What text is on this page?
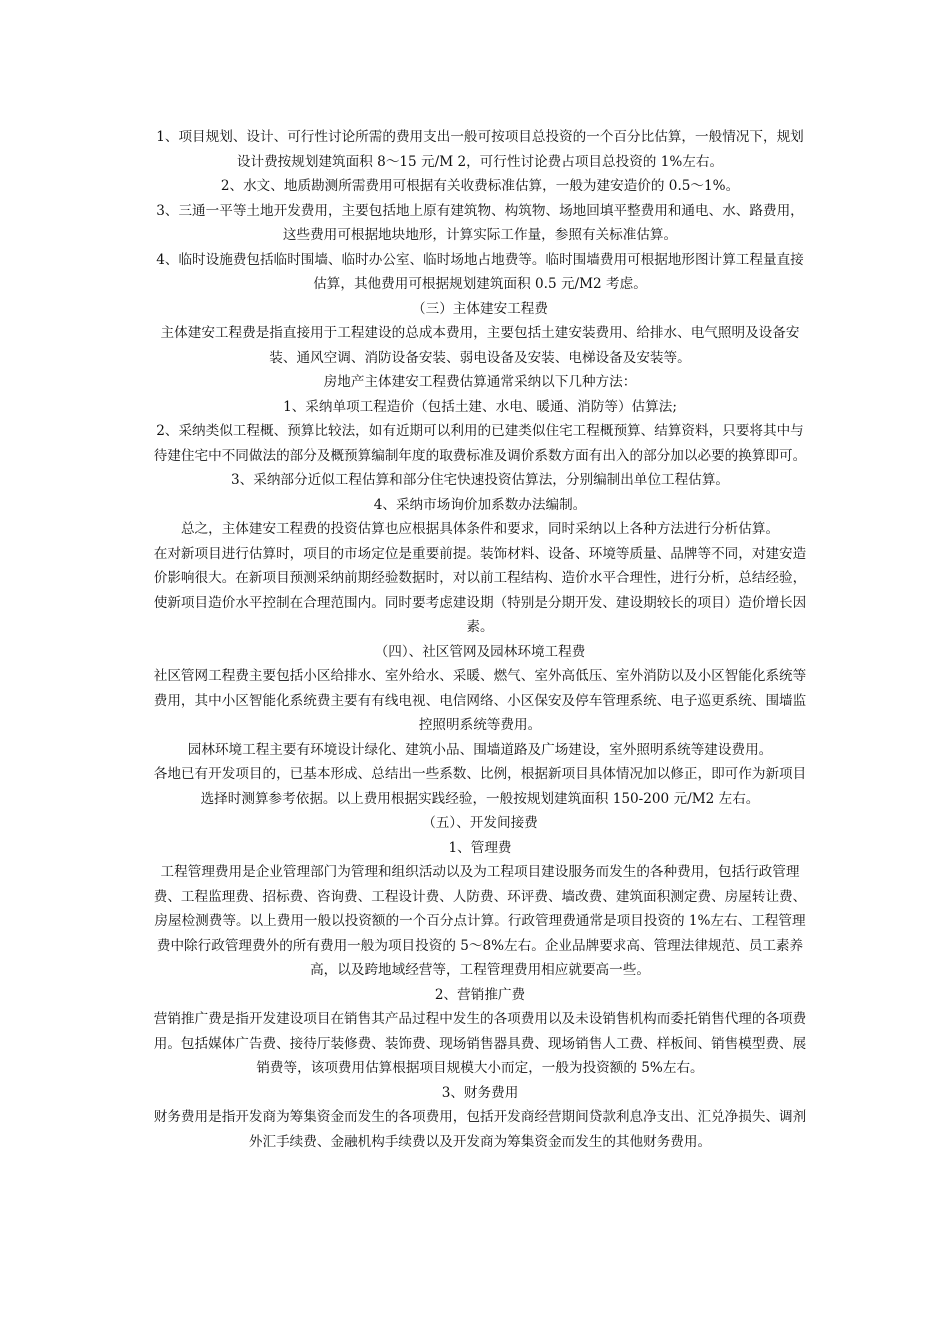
1、项目规划、设计、可行性讨论所需的费用支出一般可按项目总投资的一个百分比估算，一般情况下，规划设计费按规划建筑面积 8～15 元/M 2，可行性讨论费占项目总投资的 1%左右。

2、水文、地质勘测所需费用可根据有关收费标准估算，一般为建安造价的 0.5～1%。

3、三通一平等土地开发费用，主要包括地上原有建筑物、构筑物、场地回填平整费用和通电、水、路费用，这些费用可根据地块地形，计算实际工作量，参照有关标准估算。

4、临时设施费包括临时围墙、临时办公室、临时场地占地费等。临时围墙费用可根据地形图计算工程量直接估算，其他费用可根据规划建筑面积 0.5 元/M2 考虑。

（三）主体建安工程费

主体建安工程费是指直接用于工程建设的总成本费用，主要包括土建安装费用、给排水、电气照明及设备安装、通风空调、消防设备安装、弱电设备及安装、电梯设备及安装等。

房地产主体建安工程费估算通常采纳以下几种方法：

1、采纳单项工程造价（包括土建、水电、暖通、消防等）估算法;

2、采纳类似工程概、预算比较法，如有近期可以利用的已建类似住宅工程概预算、结算资料，只要将其中与待建住宅中不同做法的部分及概预算编制年度的取费标准及调价系数方面有出入的部分加以必要的换算即可。

3、采纳部分近似工程估算和部分住宅快速投资估算法，分别编制出单位工程估算。

4、采纳市场询价加系数办法编制。

总之，主体建安工程费的投资估算也应根据具体条件和要求，同时采纳以上各种方法进行分析估算。

在对新项目进行估算时，项目的市场定位是重要前提。装饰材料、设备、环境等质量、品牌等不同，对建安造价影响很大。在新项目预测采纳前期经验数据时，对以前工程结构、造价水平合理性，进行分析，总结经验，使新项目造价水平控制在合理范围内。同时要考虑建设期（特别是分期开发、建设期较长的项目）造价增长因素。

（四）、社区管网及园林环境工程费

社区管网工程费主要包括小区给排水、室外给水、采暖、燃气、室外高低压、室外消防以及小区智能化系统等费用，其中小区智能化系统费主要有有线电视、电信网络、小区保安及停车管理系统、电子巡更系统、围墙监控照明系统等费用。

园林环境工程主要有环境设计绿化、建筑小品、围墙道路及广场建设，室外照明系统等建设费用。

各地已有开发项目的，已基本形成、总结出一些系数、比例，根据新项目具体情况加以修正，即可作为新项目选择时测算参考依据。以上费用根据实践经验，一般按规划建筑面积 150-200 元/M2 左右。

（五）、开发间接费

1、管理费

工程管理费用是企业管理部门为管理和组织活动以及为工程项目建设服务而发生的各种费用，包括行政管理费、工程监理费、招标费、咨询费、工程设计费、人防费、环评费、墙改费、建筑面积测定费、房屋转让费、房屋检测费等。以上费用一般以投资额的一个百分点计算。行政管理费通常是项目投资的 1%左右、工程管理费中除行政管理费外的所有费用一般为项目投资的 5～8%左右。企业品牌要求高、管理法律规范、员工素养高，以及跨地域经营等，工程管理费用相应就要高一些。

2、营销推广费

营销推广费是指开发建设项目在销售其产品过程中发生的各项费用以及未设销售机构而委托销售代理的各项费用。包括媒体广告费、接待厅装修费、装饰费、现场销售器具费、现场销售人工费、样板间、销售模型费、展销费等，该项费用估算根据项目规模大小而定，一般为投资额的 5%左右。

3、财务费用

财务费用是指开发商为筹集资金而发生的各项费用，包括开发商经营期间贷款利息净支出、汇兑净损失、调剂外汇手续费、金融机构手续费以及开发商为筹集资金而发生的其他财务费用。
